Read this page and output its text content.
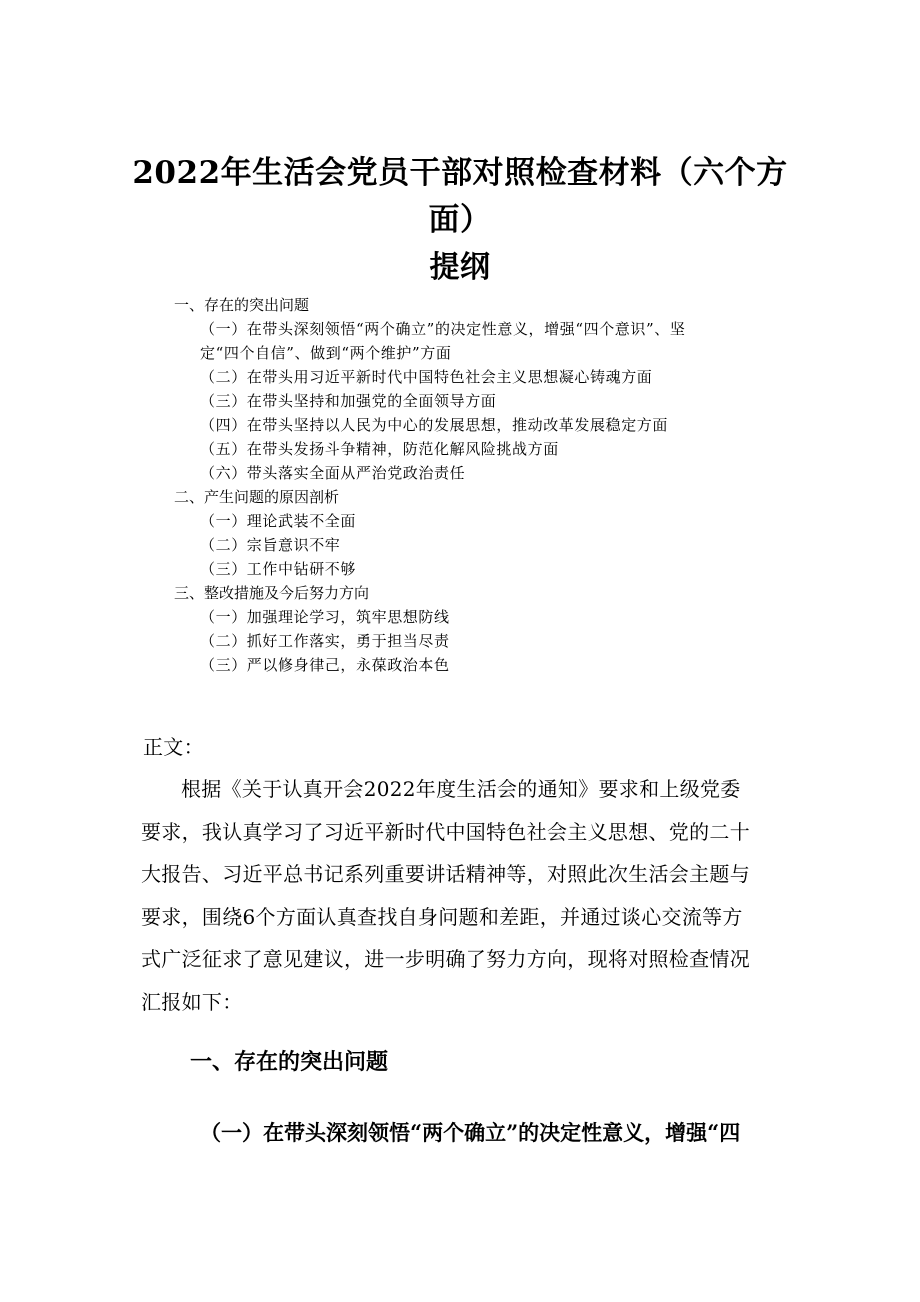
2022年生活会党员干部对照检查材料（六个方
面）
提纲
一、存在的突出问题
（一）在带头深刻领悟“两个确立”的决定性意义，增强“四个意识”、坚
定“四个自信”、做到“两个维护”方面
（二）在带头用习近平新时代中国特色社会主义思想凝心铸魂方面
（三）在带头坚持和加强党的全面领导方面
（四）在带头坚持以人民为中心的发展思想，推动改革发展稳定方面
（五）在带头发扬斗争精神，防范化解风险挑战方面
（六）带头落实全面从严治党政治责任
二、产生问题的原因剖析
（一）理论武装不全面
（二）宗旨意识不牢
（三）工作中钻研不够
三、整改措施及今后努力方向
（一）加强理论学习，筑牢思想防线
（二）抓好工作落实，勇于担当尽责
（三）严以修身律己，永葆政治本色
正文：
根据《关于认真开会2022年度生活会的通知》要求和上级党委
要求，我认真学习了习近平新时代中国特色社会主义思想、党的二十
大报告、习近平总书记系列重要讲话精神等，对照此次生活会主题与
要求，围绕6个方面认真查找自身问题和差距，并通过谈心交流等方
式广泛征求了意见建议，进一步明确了努力方向，现将对照检查情况
汇报如下：
一、存在的突出问题
（一）在带头深刻领悟“两个确立”的决定性意义，增强“四
